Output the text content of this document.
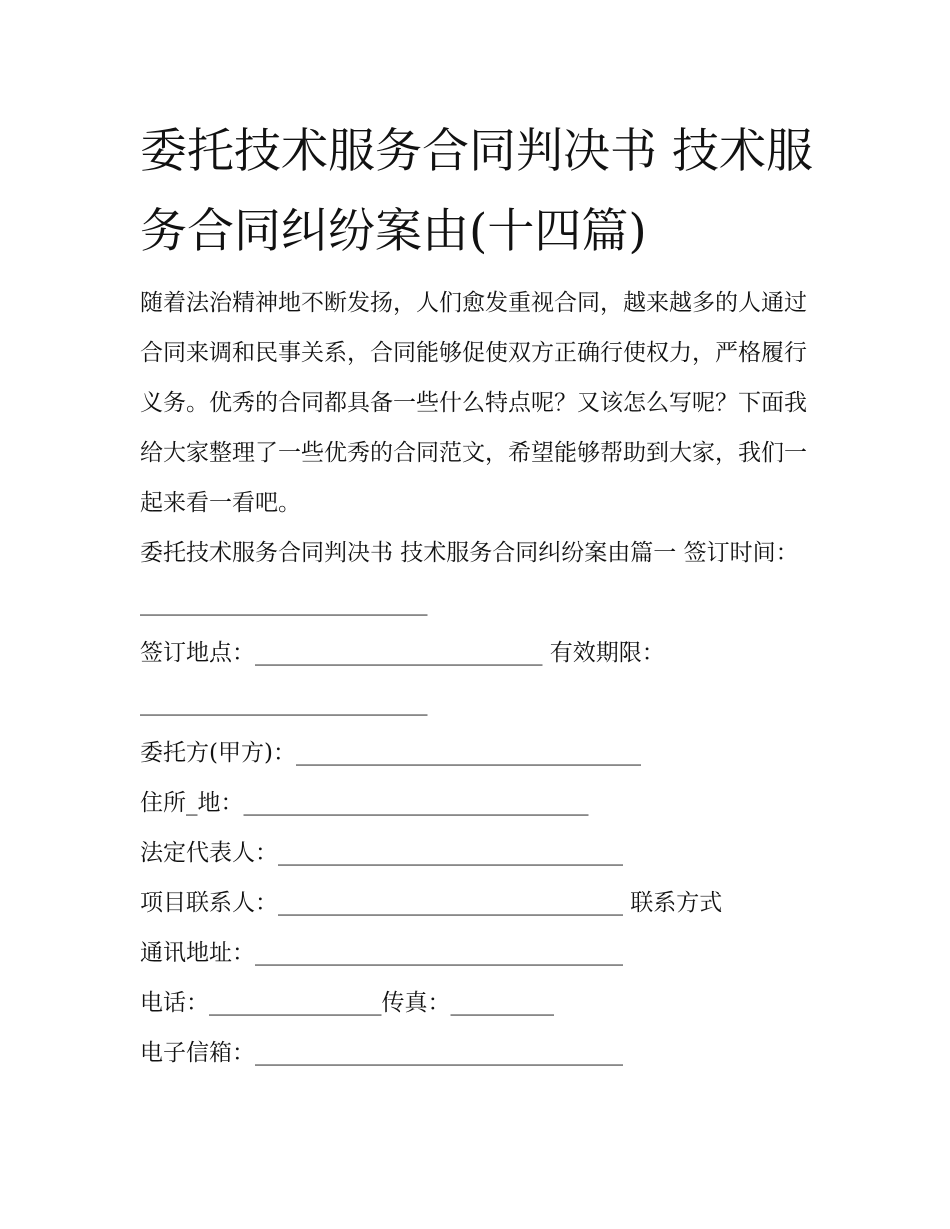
委托技术服务合同判决书 技术服务合同纠纷案由(十四篇)

随着法治精神地不断发扬，人们愈发重视合同，越来越多的人通过合同来调和民事关系，合同能够促使双方正确行使权力，严格履行义务。优秀的合同都具备一些什么特点呢？又该怎么写呢？下面我给大家整理了一些优秀的合同范文，希望能够帮助到大家，我们一起来看一看吧。

委托技术服务合同判决书 技术服务合同纠纷案由篇一 签订时间：_________________________

签订地点：_________________________ 有效期限：_________________________

委托方(甲方)：______________________________

住所_地：______________________________

法定代表人：______________________________

项目联系人：______________________________ 联系方式

通讯地址：________________________________

电话：_______________传真：_________

电子信箱：________________________________
